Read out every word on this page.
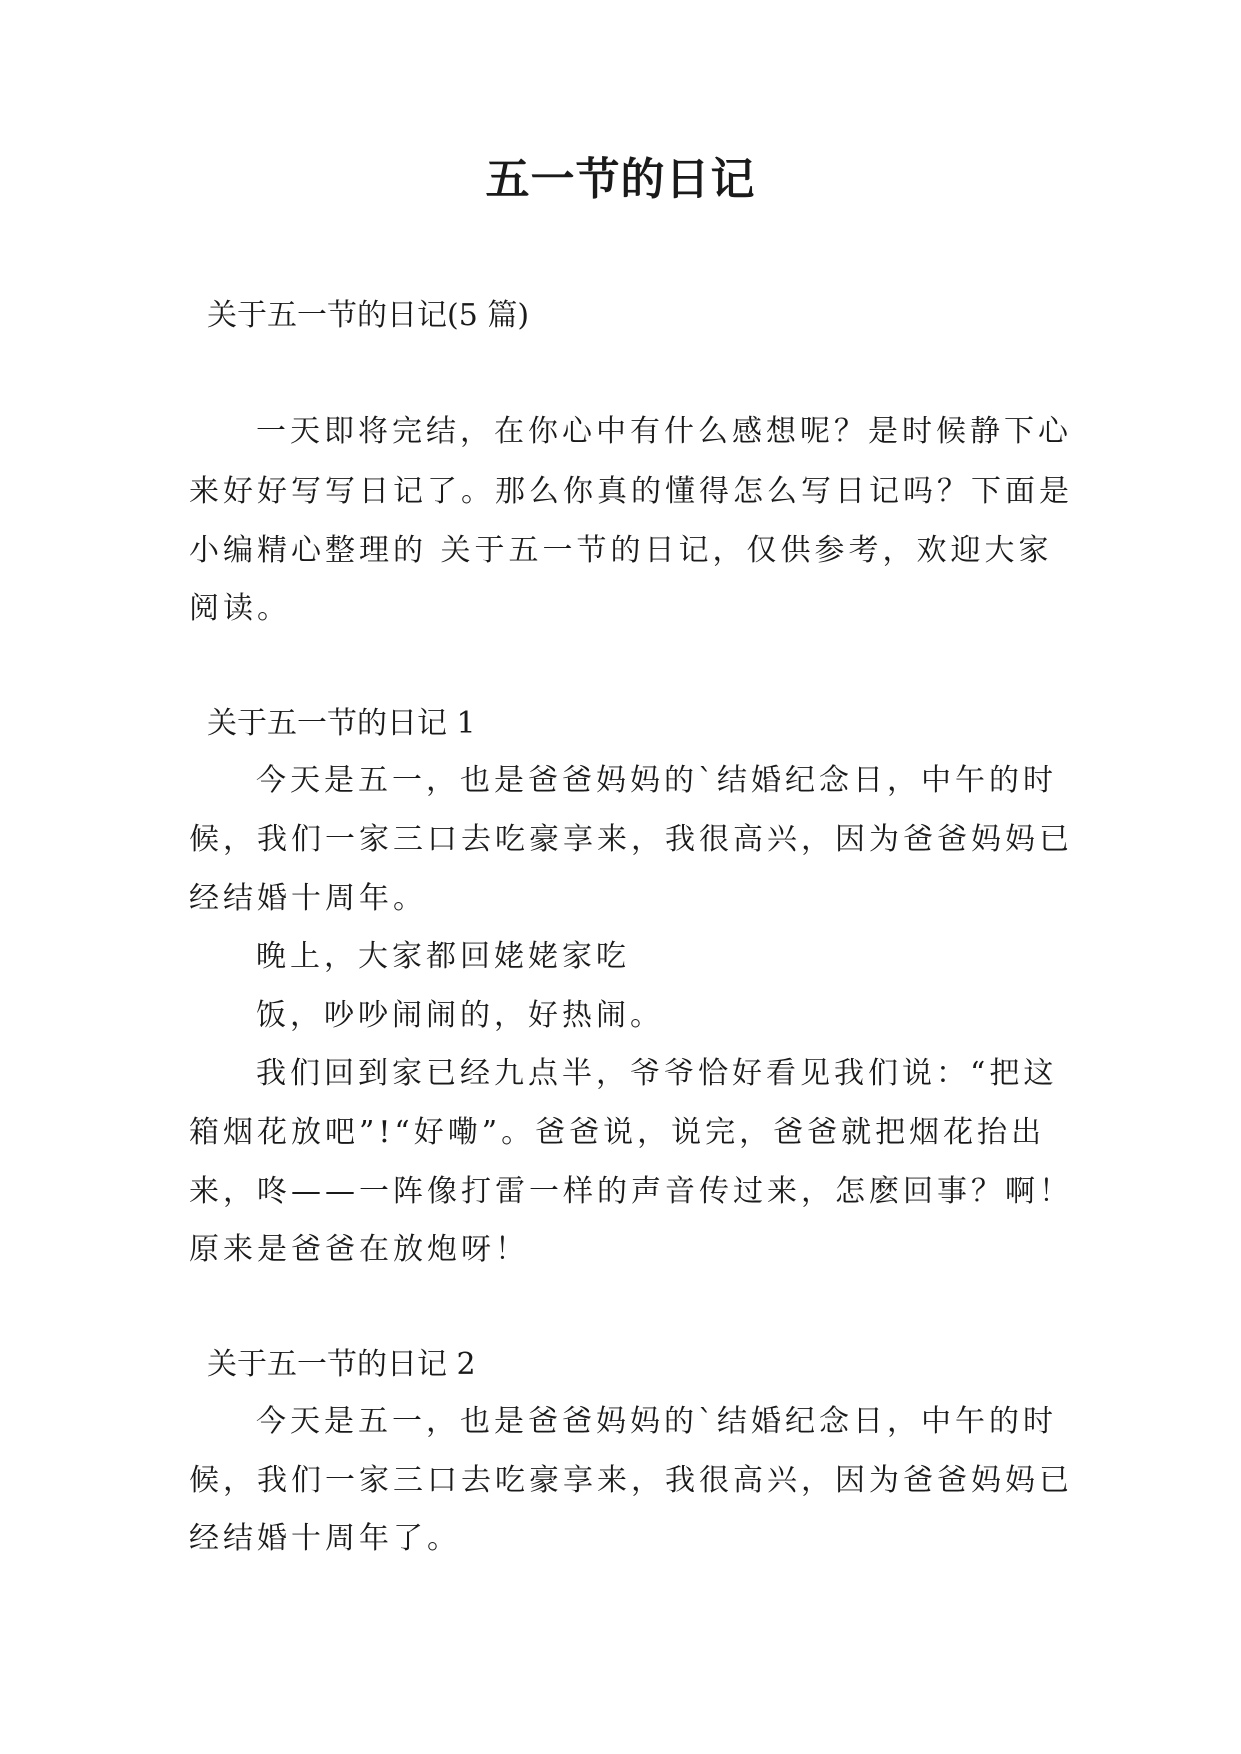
五一节的日记
关于五一节的日记(5 篇)
一天即将完结，在你心中有什么感想呢？是时候静下心
来好好写写日记了。那么你真的懂得怎么写日记吗？下面是
小编精心整理的 关于五一节的日记，仅供参考，欢迎大家
阅读。
关于五一节的日记 1
今天是五一，也是爸爸妈妈的`结婚纪念日，中午的时
候，我们一家三口去吃豪享来，我很高兴，因为爸爸妈妈已
经结婚十周年。
晚上，大家都回姥姥家吃
饭，吵吵闹闹的，好热闹。
我们回到家已经九点半，爷爷恰好看见我们说：“把这
箱烟花放吧”!“好嘞”。爸爸说，说完，爸爸就把烟花抬出
来，咚——一阵像打雷一样的声音传过来，怎麽回事？啊！
原来是爸爸在放炮呀！
关于五一节的日记 2
今天是五一，也是爸爸妈妈的`结婚纪念日，中午的时
候，我们一家三口去吃豪享来，我很高兴，因为爸爸妈妈已
经结婚十周年了。
